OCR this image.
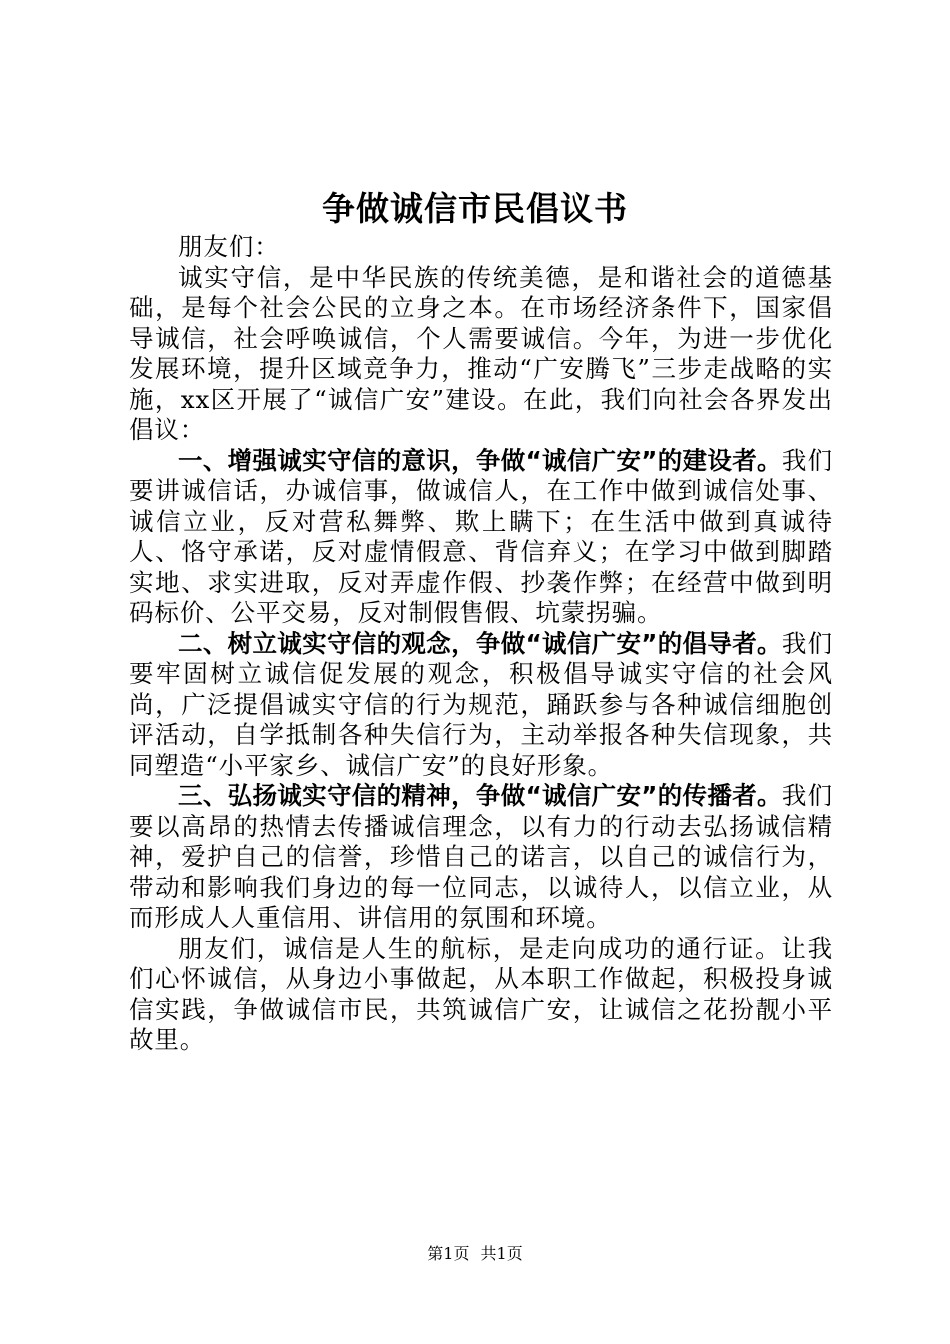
争做诚信市民倡议书

朋友们：

诚实守信，是中华民族的传统美德，是和谐社会的道德基础，是每个社会公民的立身之本。在市场经济条件下，国家倡导诚信，社会呼唤诚信，个人需要诚信。今年，为进一步优化发展环境，提升区域竞争力，推动“广安腾飞”三步走战略的实施，xx区开展了“诚信广安”建设。在此，我们向社会各界发出倡议：

一、增强诚实守信的意识，争做“诚信广安”的建设者。我们要讲诚信话，办诚信事，做诚信人，在工作中做到诚信处事、诚信立业，反对营私舞弊、欺上瞒下；在生活中做到真诚待人、恪守承诺，反对虚情假意、背信弃义；在学习中做到脚踏实地、求实进取，反对弄虚作假、抄袭作弊；在经营中做到明码标价、公平交易，反对制假售假、坑蒙拐骗。

二、树立诚实守信的观念，争做“诚信广安”的倡导者。我们要牢固树立诚信促发展的观念，积极倡导诚实守信的社会风尚，广泛提倡诚实守信的行为规范，踊跃参与各种诚信细胞创评活动，自学抵制各种失信行为，主动举报各种失信现象，共同塑造“小平家乡、诚信广安”的良好形象。

三、弘扬诚实守信的精神，争做“诚信广安”的传播者。我们要以高昂的热情去传播诚信理念，以有力的行动去弘扬诚信精神，爱护自己的信誉，珍惜自己的诺言，以自己的诚信行为，带动和影响我们身边的每一位同志，以诚待人，以信立业，从而形成人人重信用、讲信用的氛围和环境。

朋友们，诚信是人生的航标，是走向成功的通行证。让我们心怀诚信，从身边小事做起，从本职工作做起，积极投身诚信实践，争做诚信市民，共筑诚信广安，让诚信之花扮靓小平故里。

第1页 共1页
